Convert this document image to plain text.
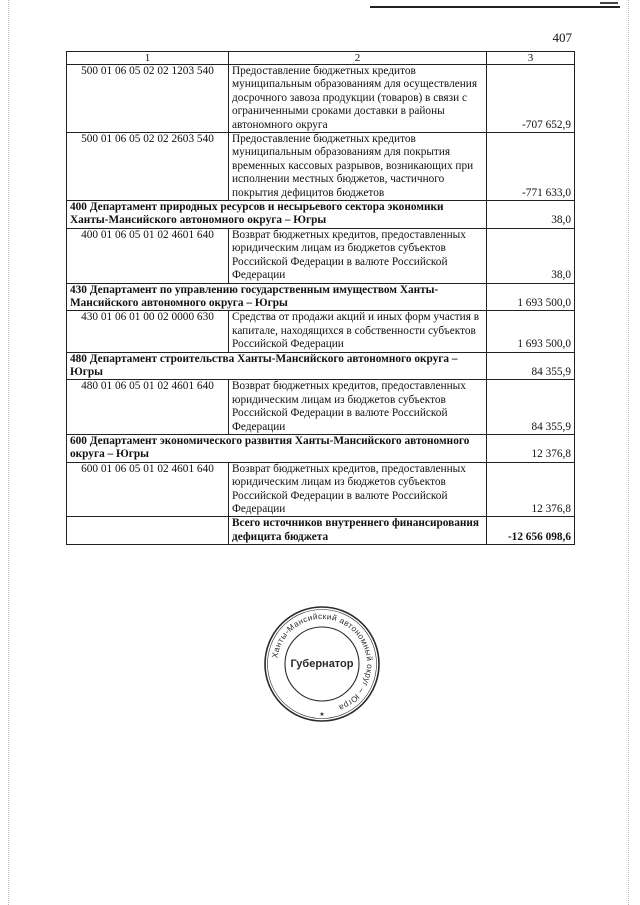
407
1	2	3
500 01 06 05 02 02 1203 540	Предоставление бюджетных кредитов муниципальным образованиям для осуществления досрочного завоза продукции (товаров) в связи с ограниченными сроками доставки в районы автономного округа	-707 652,9
500 01 06 05 02 02 2603 540	Предоставление бюджетных кредитов муниципальным образованиям для покрытия временных кассовых разрывов, возникающих при исполнении местных бюджетов, частичного покрытия дефицитов бюджетов	-771 633,0
400 Департамент природных ресурсов и несырьевого сектора экономики Ханты-Мансийского автономного округа – Югры		38,0
400 01 06 05 01 02 4601 640	Возврат бюджетных кредитов, предоставленных юридическим лицам из бюджетов субъектов Российской Федерации в валюте Российской Федерации	38,0
430 Департамент по управлению государственным имуществом Ханты-Мансийского автономного округа – Югры		1 693 500,0
430 01 06 01 00 02 0000 630	Средства от продажи акций и иных форм участия в капитале, находящихся в собственности субъектов Российской Федерации	1 693 500,0
480 Департамент строительства Ханты-Мансийского автономного округа – Югры		84 355,9
480 01 06 05 01 02 4601 640	Возврат бюджетных кредитов, предоставленных юридическим лицам из бюджетов субъектов Российской Федерации в валюте Российской Федерации	84 355,9
600 Департамент экономического развития Ханты-Мансийского автономного округа – Югры		12 376,8
600 01 06 05 01 02 4601 640	Возврат бюджетных кредитов, предоставленных юридическим лицам из бюджетов субъектов Российской Федерации в валюте Российской Федерации	12 376,8
	Всего источников внутреннего финансирования дефицита бюджета	-12 656 098,6
Ханты-Мансийский автономный округ – Югра
Губернатор
★
